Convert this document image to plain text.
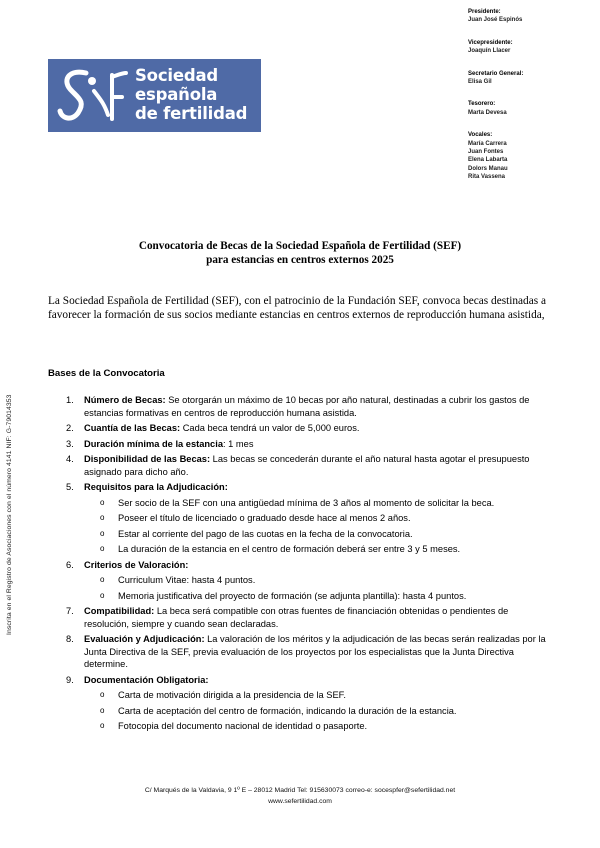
Sociedad
española
de fertilidad
Presidente:
Juan José Espinós
Vicepresidente:
Joaquín Llacer
Secretario General:
Elisa Gil
Tesorero:
Marta Devesa
Vocales:
María Carrera
Juan Fontes
Elena Labarta
Dolors Manau
Rita Vassena
Inscrita en el Registro de Asociaciones con el número 4141 NIF: G-79014353
Convocatoria de Becas de la Sociedad Española de Fertilidad (SEF)
para estancias en centros externos 2025
La Sociedad Española de Fertilidad (SEF), con el patrocinio de la Fundación SEF, convoca becas destinadas a favorecer la formación de sus socios mediante estancias en centros externos de reproducción humana asistida,
Bases de la Convocatoria
1.	Número de Becas: Se otorgarán un máximo de 10 becas por año natural, destinadas a cubrir los gastos de estancias formativas en centros de reproducción humana asistida.
2.	Cuantía de las Becas: Cada beca tendrá un valor de 5,000 euros.
3.	Duración mínima de la estancia: 1 mes
4.	Disponibilidad de las Becas: Las becas se concederán durante el año natural hasta agotar el presupuesto asignado para dicho año.
5.	Requisitos para la Adjudicación:
o	Ser socio de la SEF con una antigüedad mínima de 3 años al momento de solicitar la beca.
o	Poseer el título de licenciado o graduado desde hace al menos 2 años.
o	Estar al corriente del pago de las cuotas en la fecha de la convocatoria.
o	La duración de la estancia en el centro de formación deberá ser entre 3 y 5 meses.
6.	Criterios de Valoración:
o	Curriculum Vitae: hasta 4 puntos.
o	Memoria justificativa del proyecto de formación (se adjunta plantilla): hasta 4 puntos.
7.	Compatibilidad: La beca será compatible con otras fuentes de financiación obtenidas o pendientes de resolución, siempre y cuando sean declaradas.
8.	Evaluación y Adjudicación: La valoración de los méritos y la adjudicación de las becas serán realizadas por la Junta Directiva de la SEF, previa evaluación de los proyectos por los especialistas que la Junta Directiva determine.
9.	Documentación Obligatoria:
o	Carta de motivación dirigida a la presidencia de la SEF.
o	Carta de aceptación del centro de formación, indicando la duración de la estancia.
o	Fotocopia del documento nacional de identidad o pasaporte.
C/ Marqués de la Valdavia, 9 1º E – 28012 Madrid Tel: 915630073 correo-e: socespfer@sefertilidad.net
www.sefertilidad.com
